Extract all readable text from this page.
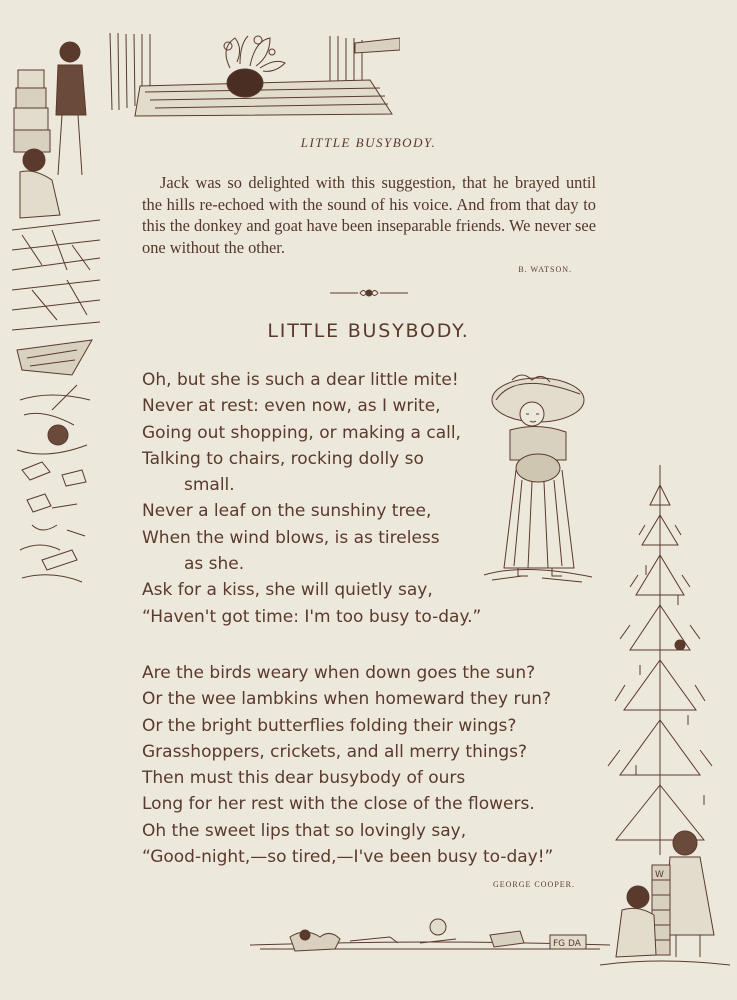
LITTLE BUSYBODY.

Jack was so delighted with this suggestion, that he brayed until the hills re-echoed with the sound of his voice. And from that day to this the donkey and goat have been inseparable friends. We never see one without the other.

B. WATSON.
LITTLE BUSYBODY.
Oh, but she is such a dear little mite!
Never at rest: even now, as I write,
Going out shopping, or making a call,
Talking to chairs, rocking dolly so
small.
Never a leaf on the sunshiny tree,
When the wind blows, is as tireless
as she.
Ask for a kiss, she will quietly say,
“Haven't got time: I'm too busy to-day.”
Are the birds weary when down goes the sun?
Or the wee lambkins when homeward they run?
Or the bright butterflies folding their wings?
Grasshoppers, crickets, and all merry things?
Then must this dear busybody of ours
Long for her rest with the close of the flowers.
Oh the sweet lips that so lovingly say,
“Good-night,—so tired,—I've been busy to-day!”
GEORGE COOPER.
W
FG DA
